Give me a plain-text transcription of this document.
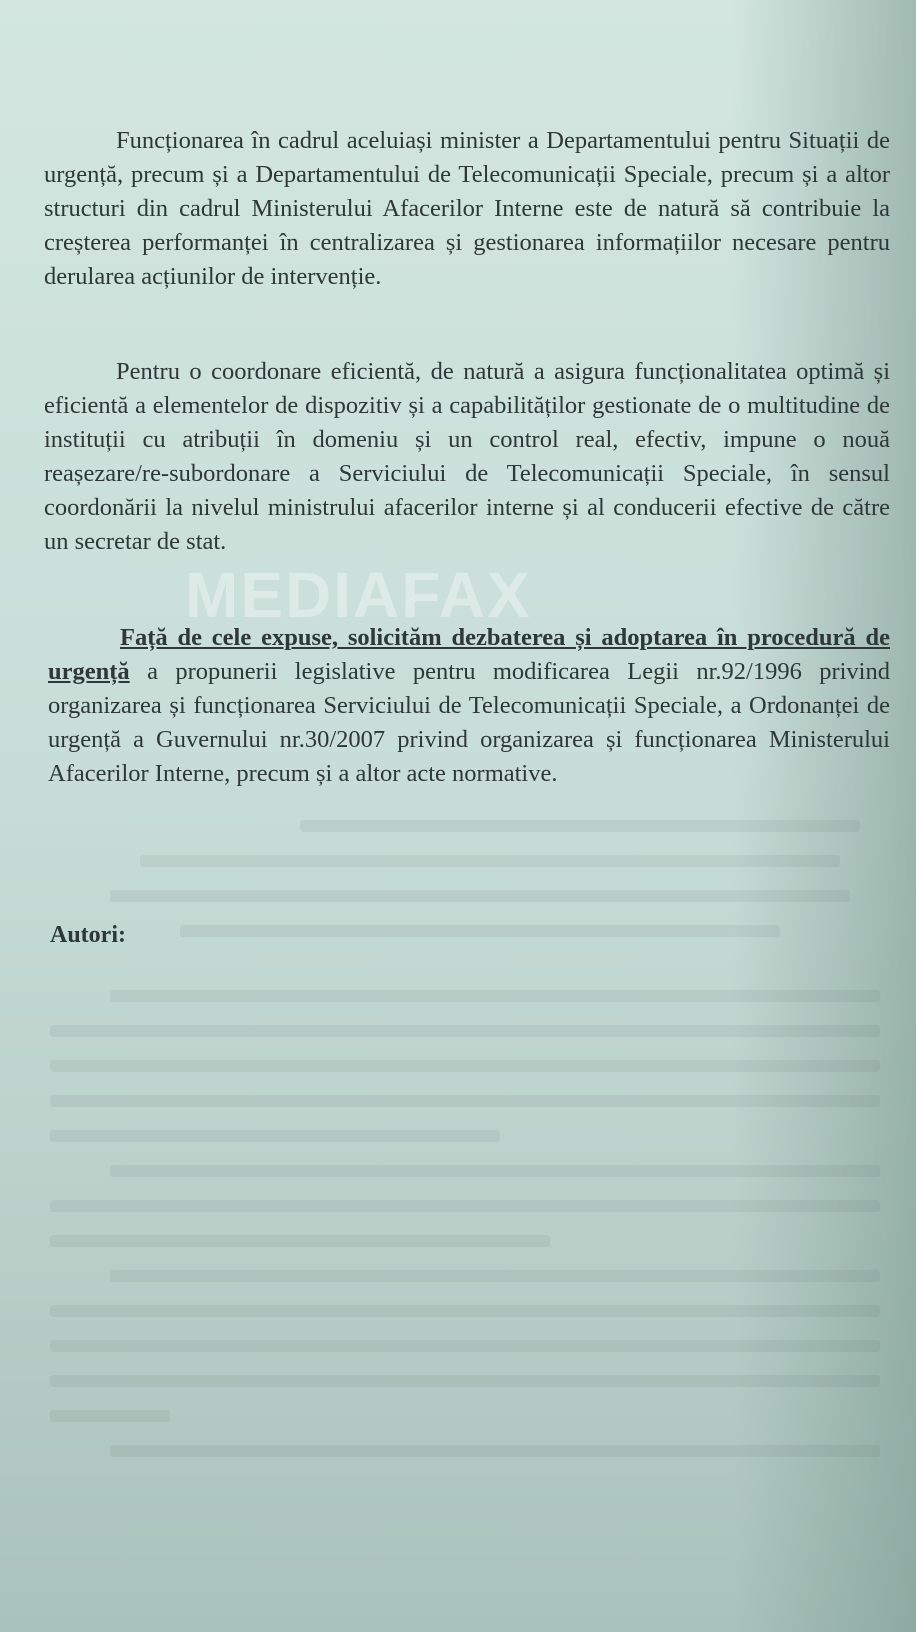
MEDIAFAX

Funcționarea în cadrul aceluiași minister a Departamentului pentru Situații de urgență, precum și a Departamentului de Telecomunicații Speciale, precum și a altor structuri din cadrul Ministerului Afacerilor Interne este de natură să contribuie la creșterea performanței în centralizarea și gestionarea informațiilor necesare pentru derularea acțiunilor de intervenție.

Pentru o coordonare eficientă, de natură a asigura funcționalitatea optimă și eficientă a elementelor de dispozitiv și a capabilităților gestionate de o multitudine de instituții cu atribuții în domeniu și un control real, efectiv, impune o nouă reașezare/re-subordonare a Serviciului de Telecomunicații Speciale, în sensul coordonării la nivelul ministrului afacerilor interne și al conducerii efective de către un secretar de stat.

Față de cele expuse, solicităm dezbaterea și adoptarea în procedură de urgență a propunerii legislative pentru modificarea Legii nr.92/1996 privind organizarea și funcționarea Serviciului de Telecomunicații Speciale, a Ordonanței de urgență a Guvernului nr.30/2007 privind organizarea și funcționarea Ministerului Afacerilor Interne, precum și a altor acte normative.

Autori:
